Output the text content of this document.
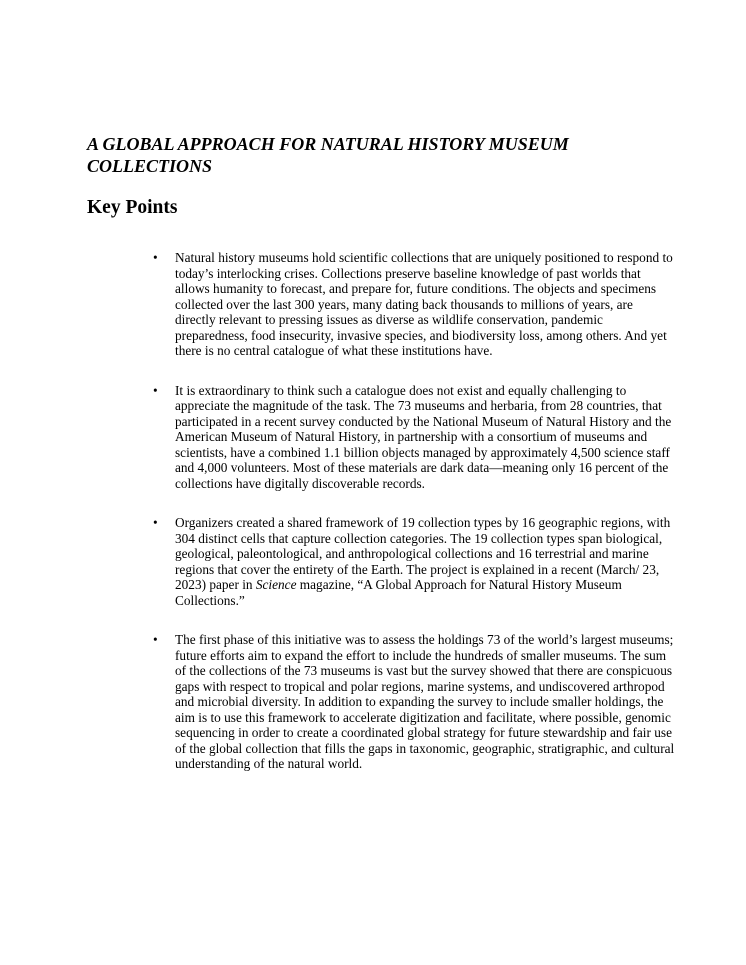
A GLOBAL APPROACH FOR NATURAL HISTORY MUSEUM COLLECTIONS
Key Points
• Natural history museums hold scientific collections that are uniquely positioned to respond to today’s interlocking crises. Collections preserve baseline knowledge of past worlds that allows humanity to forecast, and prepare for, future conditions. The objects and specimens collected over the last 300 years, many dating back thousands to millions of years, are directly relevant to pressing issues as diverse as wildlife conservation, pandemic preparedness, food insecurity, invasive species, and biodiversity loss, among others. And yet there is no central catalogue of what these institutions have.
• It is extraordinary to think such a catalogue does not exist and equally challenging to appreciate the magnitude of the task. The 73 museums and herbaria, from 28 countries, that participated in a recent survey conducted by the National Museum of Natural History and the American Museum of Natural History, in partnership with a consortium of museums and scientists, have a combined 1.1 billion objects managed by approximately 4,500 science staff and 4,000 volunteers. Most of these materials are dark data—meaning only 16 percent of the collections have digitally discoverable records.
• Organizers created a shared framework of 19 collection types by 16 geographic regions, with 304 distinct cells that capture collection categories. The 19 collection types span biological, geological, paleontological, and anthropological collections and 16 terrestrial and marine regions that cover the entirety of the Earth. The project is explained in a recent (March/ 23, 2023) paper in Science magazine, “A Global Approach for Natural History Museum Collections.”
• The first phase of this initiative was to assess the holdings 73 of the world’s largest museums; future efforts aim to expand the effort to include the hundreds of smaller museums. The sum of the collections of the 73 museums is vast but the survey showed that there are conspicuous gaps with respect to tropical and polar regions, marine systems, and undiscovered arthropod and microbial diversity. In addition to expanding the survey to include smaller holdings, the aim is to use this framework to accelerate digitization and facilitate, where possible, genomic sequencing in order to create a coordinated global strategy for future stewardship and fair use of the global collection that fills the gaps in taxonomic, geographic, stratigraphic, and cultural understanding of the natural world.
